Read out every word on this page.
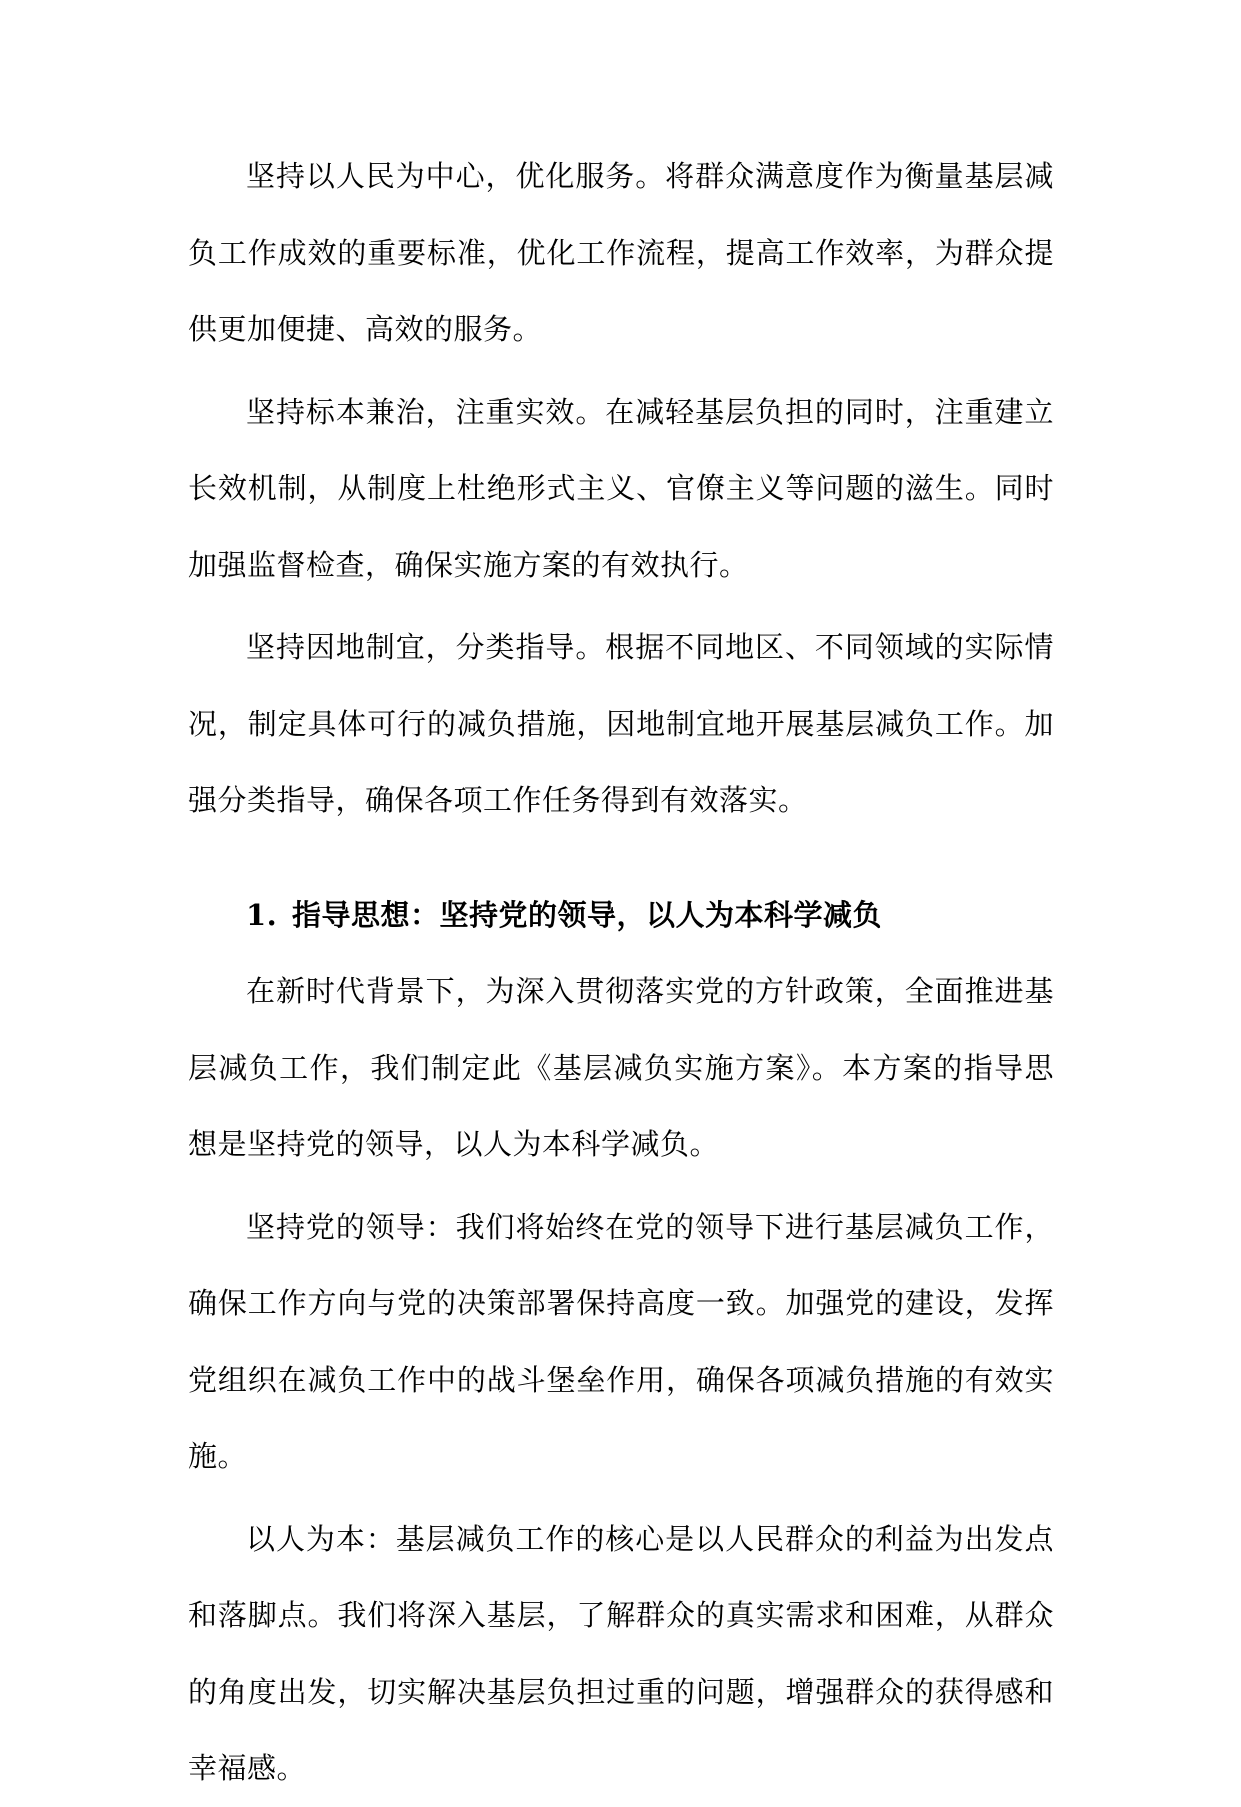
坚持以人民为中心，优化服务。将群众满意度作为衡量基层减负工作成效的重要标准，优化工作流程，提高工作效率，为群众提供更加便捷、高效的服务。

坚持标本兼治，注重实效。在减轻基层负担的同时，注重建立长效机制，从制度上杜绝形式主义、官僚主义等问题的滋生。同时加强监督检查，确保实施方案的有效执行。

坚持因地制宜，分类指导。根据不同地区、不同领域的实际情况，制定具体可行的减负措施，因地制宜地开展基层减负工作。加强分类指导，确保各项工作任务得到有效落实。

1. 指导思想：坚持党的领导，以人为本科学减负

在新时代背景下，为深入贯彻落实党的方针政策，全面推进基层减负工作，我们制定此《基层减负实施方案》。本方案的指导思想是坚持党的领导，以人为本科学减负。

坚持党的领导：我们将始终在党的领导下进行基层减负工作，确保工作方向与党的决策部署保持高度一致。加强党的建设，发挥党组织在减负工作中的战斗堡垒作用，确保各项减负措施的有效实施。

以人为本：基层减负工作的核心是以人民群众的利益为出发点和落脚点。我们将深入基层，了解群众的真实需求和困难，从群众的角度出发，切实解决基层负担过重的问题，增强群众的获得感和幸福感。
